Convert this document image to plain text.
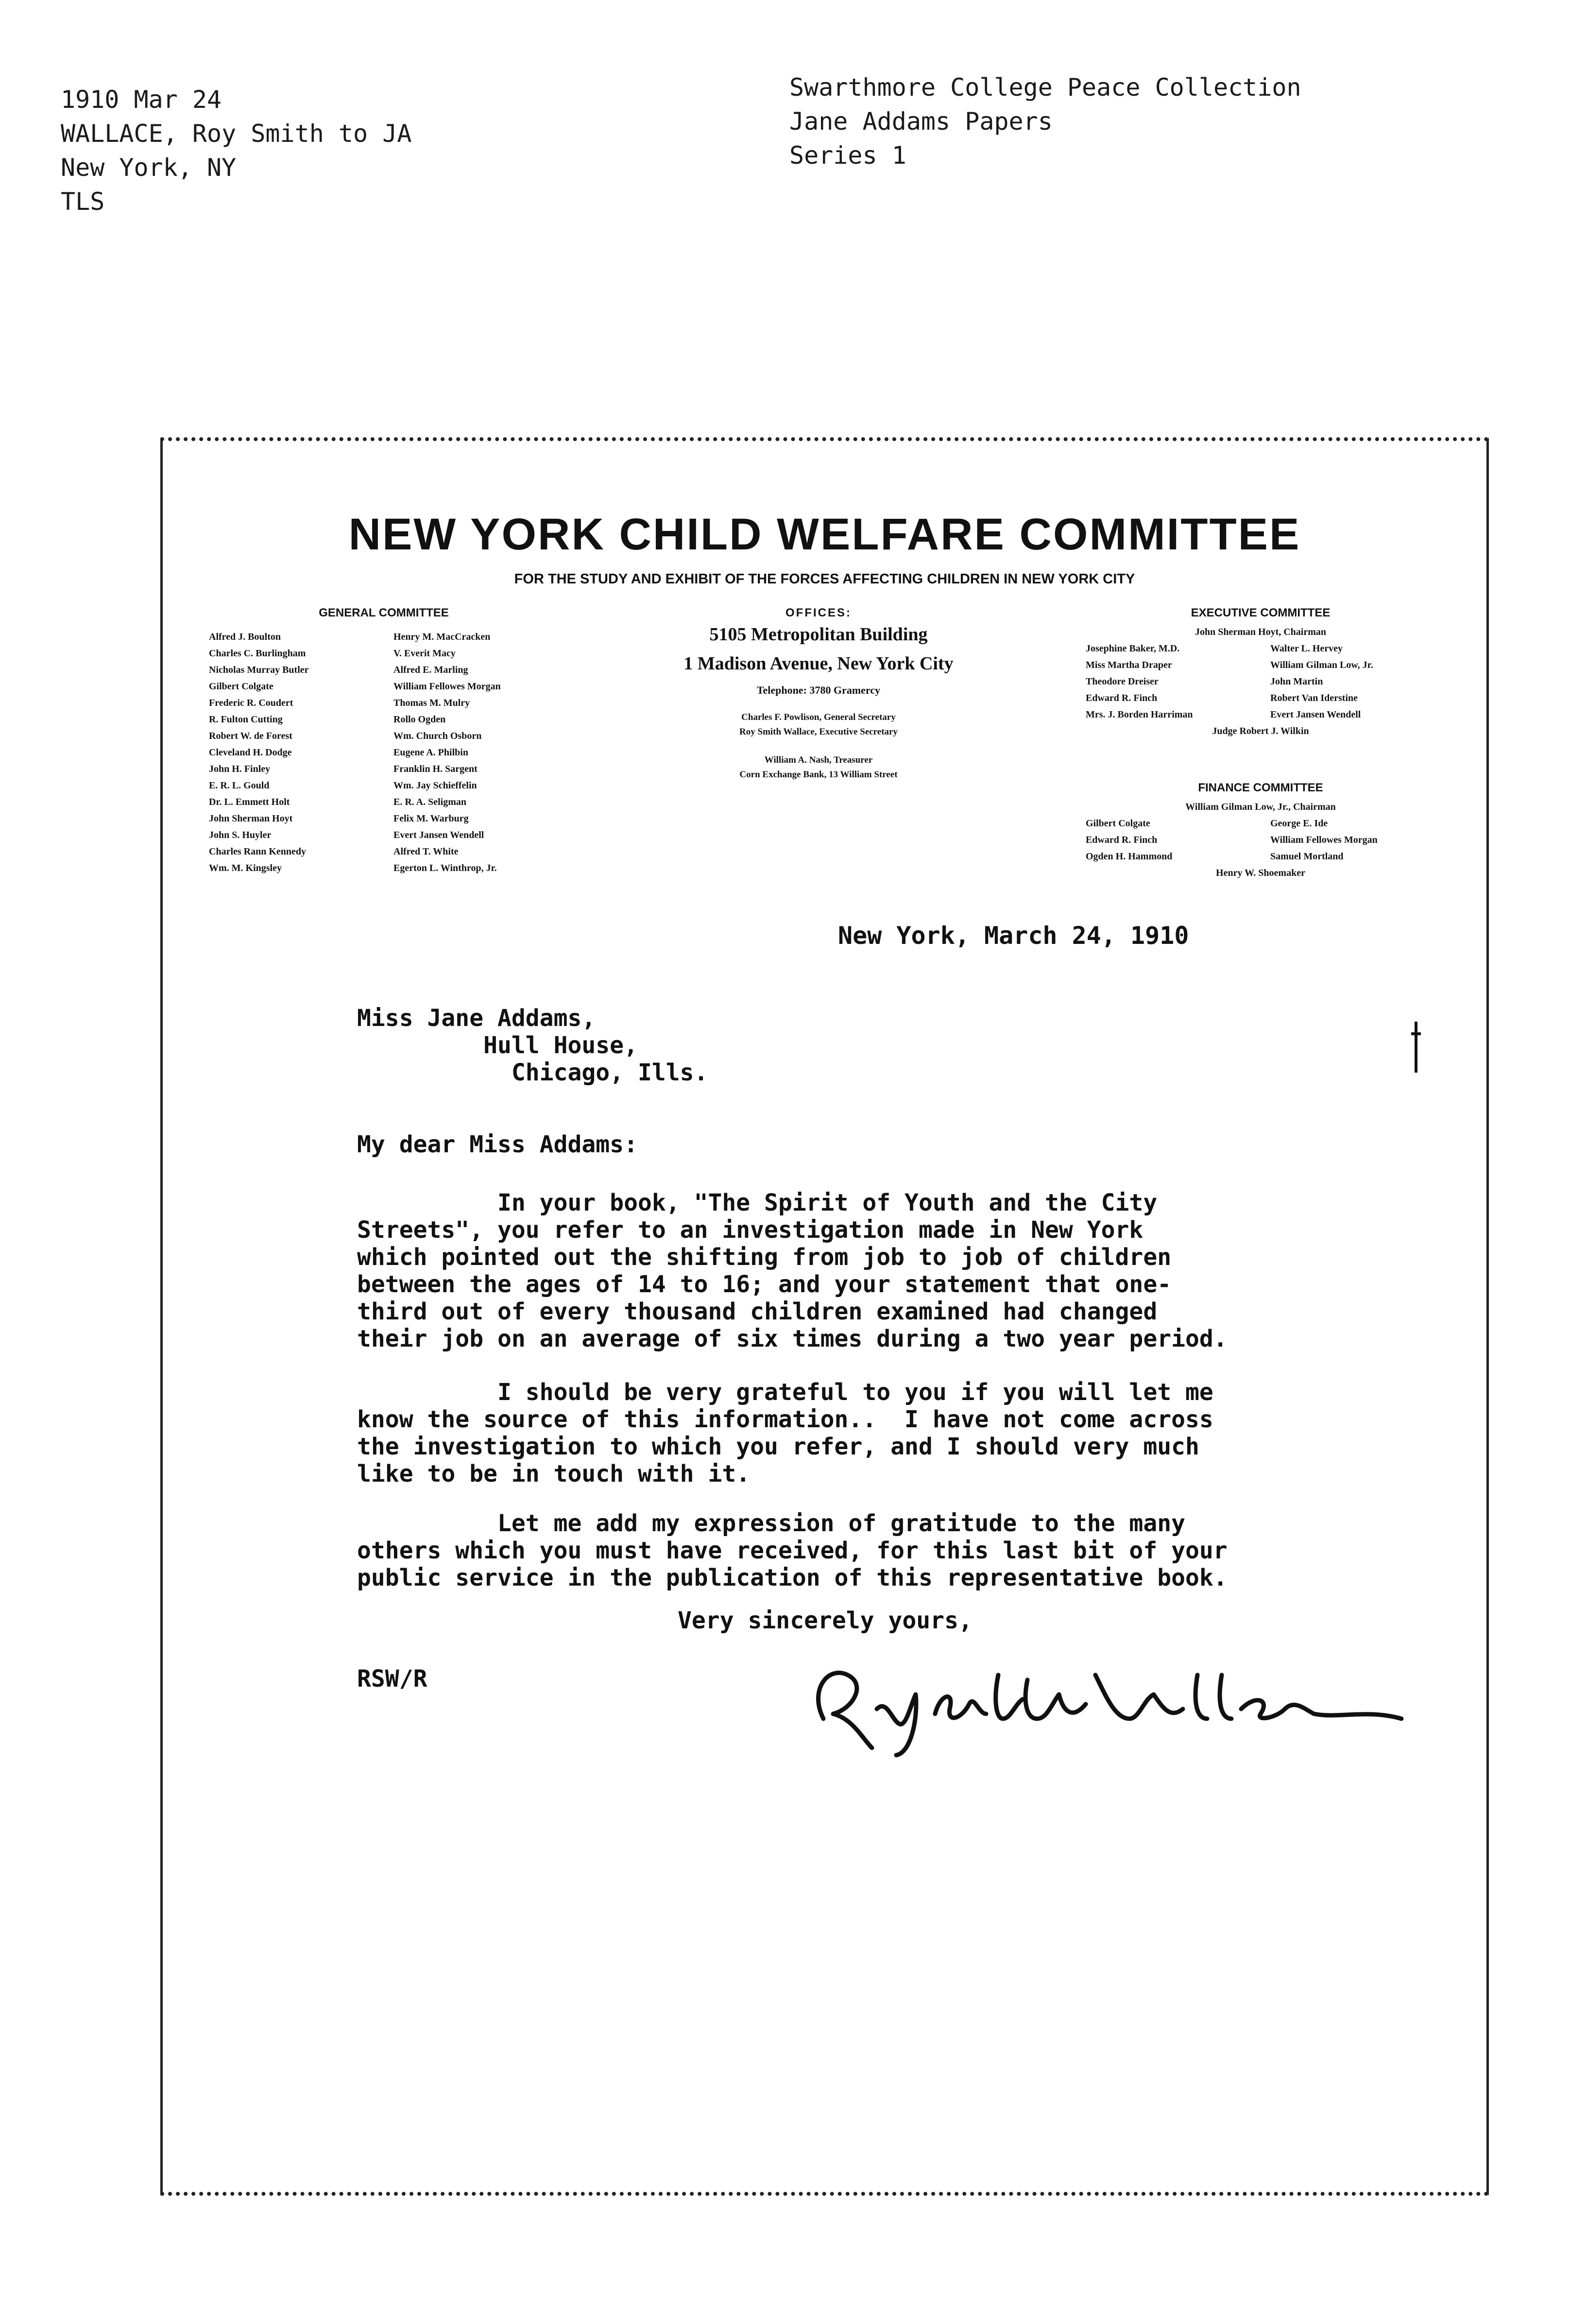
1910 Mar 24
WALLACE, Roy Smith to JA
New York, NY
TLS
Swarthmore College Peace Collection
Jane Addams Papers
Series 1
NEW YORK CHILD WELFARE COMMITTEE
FOR THE STUDY AND EXHIBIT OF THE FORCES AFFECTING CHILDREN IN NEW YORK CITY
GENERAL COMMITTEE
Alfred J. Boulton
Charles C. Burlingham
Nicholas Murray Butler
Gilbert Colgate
Frederic R. Coudert
R. Fulton Cutting
Robert W. de Forest
Cleveland H. Dodge
John H. Finley
E. R. L. Gould
Dr. L. Emmett Holt
John Sherman Hoyt
John S. Huyler
Charles Rann Kennedy
Wm. M. Kingsley
Henry M. MacCracken
V. Everit Macy
Alfred E. Marling
William Fellowes Morgan
Thomas M. Mulry
Rollo Ogden
Wm. Church Osborn
Eugene A. Philbin
Franklin H. Sargent
Wm. Jay Schieffelin
E. R. A. Seligman
Felix M. Warburg
Evert Jansen Wendell
Alfred T. White
Egerton L. Winthrop, Jr.
OFFICES:
5105 Metropolitan Building
1 Madison Avenue, New York City
Telephone: 3780 Gramercy
Charles F. Powlison, General Secretary
Roy Smith Wallace, Executive Secretary
William A. Nash, Treasurer
Corn Exchange Bank, 13 William Street
EXECUTIVE COMMITTEE
John Sherman Hoyt, Chairman
Josephine Baker, M.D.
Miss Martha Draper
Theodore Dreiser
Edward R. Finch
Mrs. J. Borden Harriman
Walter L. Hervey
William Gilman Low, Jr.
John Martin
Robert Van Iderstine
Evert Jansen Wendell
Judge Robert J. Wilkin
FINANCE COMMITTEE
William Gilman Low, Jr., Chairman
Gilbert Colgate
Edward R. Finch
Ogden H. Hammond
George E. Ide
William Fellowes Morgan
Samuel Mortland
Henry W. Shoemaker
New York, March 24, 1910
Miss Jane Addams,
Hull House,
Chicago, Ills.
My dear Miss Addams:
In your book, "The Spirit of Youth and the City
Streets", you refer to an investigation made in New York
which pointed out the shifting from job to job of children
between the ages of 14 to 16; and your statement that one-
third out of every thousand children examined had changed
their job on an average of six times during a two year period.
I should be very grateful to you if you will let me
know the source of this information..  I have not come across
the investigation to which you refer, and I should very much
like to be in touch with it.
Let me add my expression of gratitude to the many
others which you must have received, for this last bit of your
public service in the publication of this representative book.
Very sincerely yours,
RSW/R
